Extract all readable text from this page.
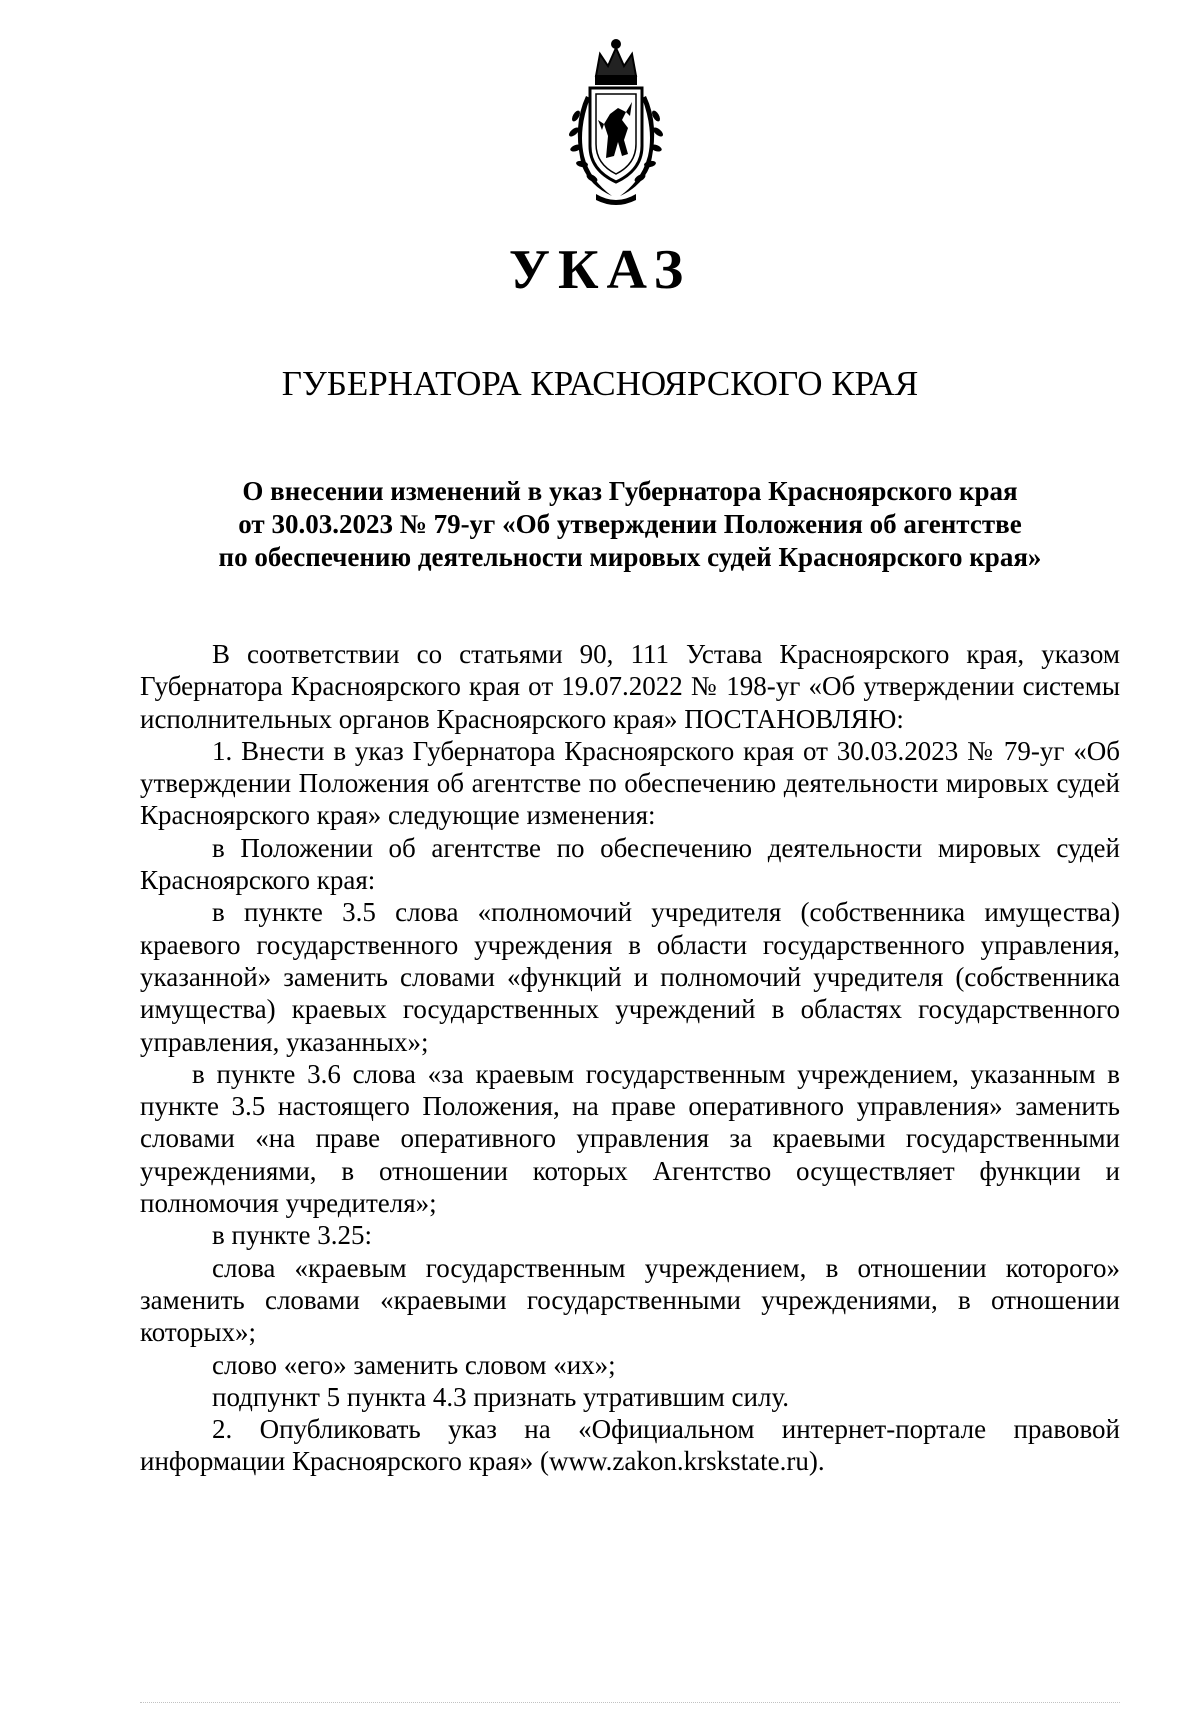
УКАЗ
ГУБЕРНАТОРА КРАСНОЯРСКОГО КРАЯ
О внесении изменений в указ Губернатора Красноярского края
от 30.03.2023 № 79-уг «Об утверждении Положения об агентстве
по обеспечению деятельности мировых судей Красноярского края»

В соответствии со статьями 90, 111 Устава Красноярского края, указом Губернатора Красноярского края от 19.07.2022 № 198-уг «Об утверждении системы исполнительных органов Красноярского края» ПОСТАНОВЛЯЮ:

1. Внести в указ Губернатора Красноярского края от 30.03.2023 № 79-уг «Об утверждении Положения об агентстве по обеспечению деятельности мировых судей Красноярского края» следующие изменения:

в Положении об агентстве по обеспечению деятельности мировых судей Красноярского края:

в пункте 3.5 слова «полномочий учредителя (собственника имущества) краевого государственного учреждения в области государственного управления, указанной» заменить словами «функций и полномочий учредителя (собственника имущества) краевых государственных учреждений в областях государственного управления, указанных»;

в пункте 3.6 слова «за краевым государственным учреждением, указанным в пункте 3.5 настоящего Положения, на праве оперативного управления» заменить словами «на праве оперативного управления за краевыми государственными учреждениями, в отношении которых Агентство осуществляет функции и полномочия учредителя»;

в пункте 3.25:

слова «краевым государственным учреждением, в отношении которого» заменить словами «краевыми государственными учреждениями, в отношении которых»;

слово «его» заменить словом «их»;

подпункт 5 пункта 4.3 признать утратившим силу.

2. Опубликовать указ на «Официальном интернет-портале правовой информации Красноярского края» (www.zakon.krskstate.ru).
